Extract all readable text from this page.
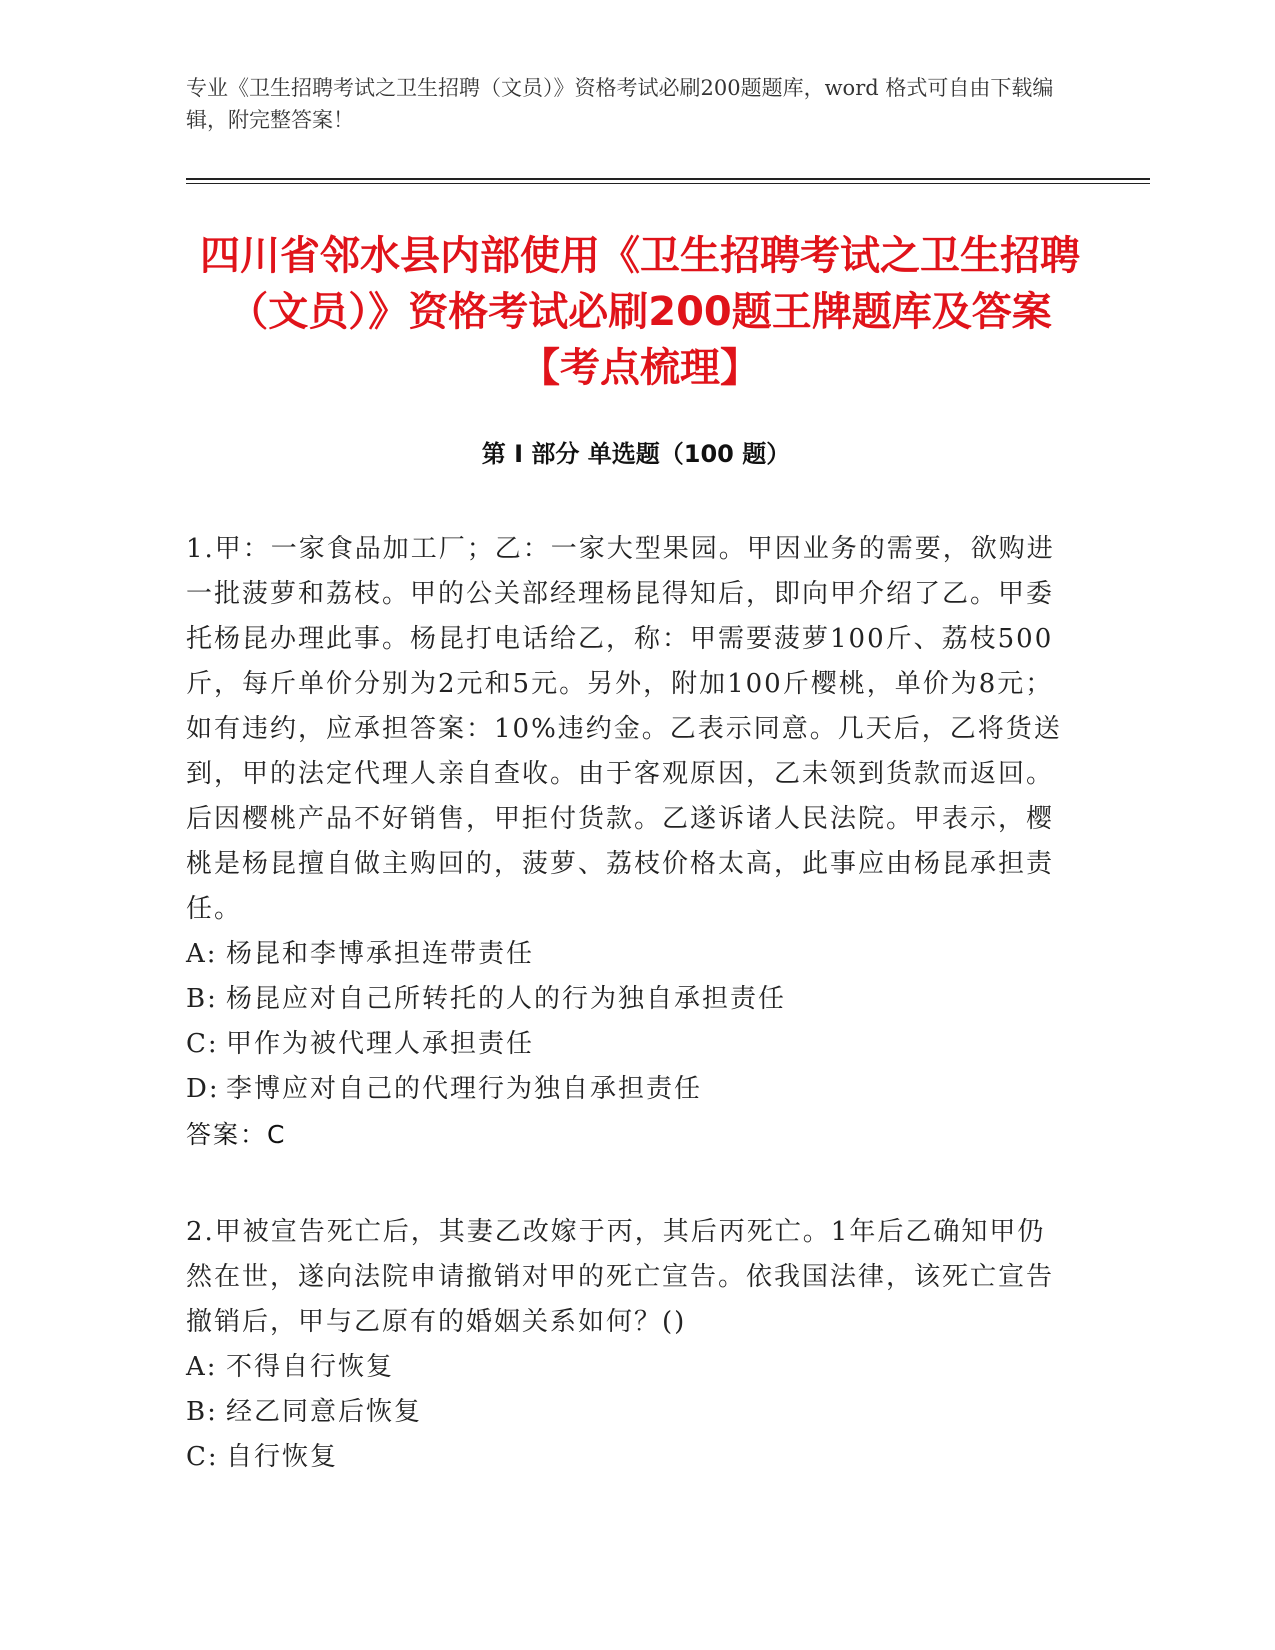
专业《卫生招聘考试之卫生招聘（文员）》资格考试必刷200题题库，word 格式可自由下载编辑，附完整答案！
四川省邻水县内部使用《卫生招聘考试之卫生招聘（文员）》资格考试必刷200题王牌题库及答案【考点梳理】
第 I 部分 单选题（100 题）

1.甲：一家食品加工厂；乙：一家大型果园。甲因业务的需要，欲购进一批菠萝和荔枝。甲的公关部经理杨昆得知后，即向甲介绍了乙。甲委托杨昆办理此事。杨昆打电话给乙，称：甲需要菠萝100斤、荔枝500斤，每斤单价分别为2元和5元。另外，附加100斤樱桃，单价为8元；如有违约，应承担答案：10%违约金。乙表示同意。几天后，乙将货送到，甲的法定代理人亲自查收。由于客观原因，乙未领到货款而返回。后因樱桃产品不好销售，甲拒付货款。乙遂诉诸人民法院。甲表示，樱桃是杨昆擅自做主购回的，菠萝、荔枝价格太高，此事应由杨昆承担责任。

A: 杨昆和李博承担连带责任

B: 杨昆应对自己所转托的人的行为独自承担责任

C: 甲作为被代理人承担责任

D: 李博应对自己的代理行为独自承担责任

答案：C

2.甲被宣告死亡后，其妻乙改嫁于丙，其后丙死亡。1年后乙确知甲仍然在世，遂向法院申请撤销对甲的死亡宣告。依我国法律，该死亡宣告撤销后，甲与乙原有的婚姻关系如何？()

A: 不得自行恢复

B: 经乙同意后恢复

C: 自行恢复
